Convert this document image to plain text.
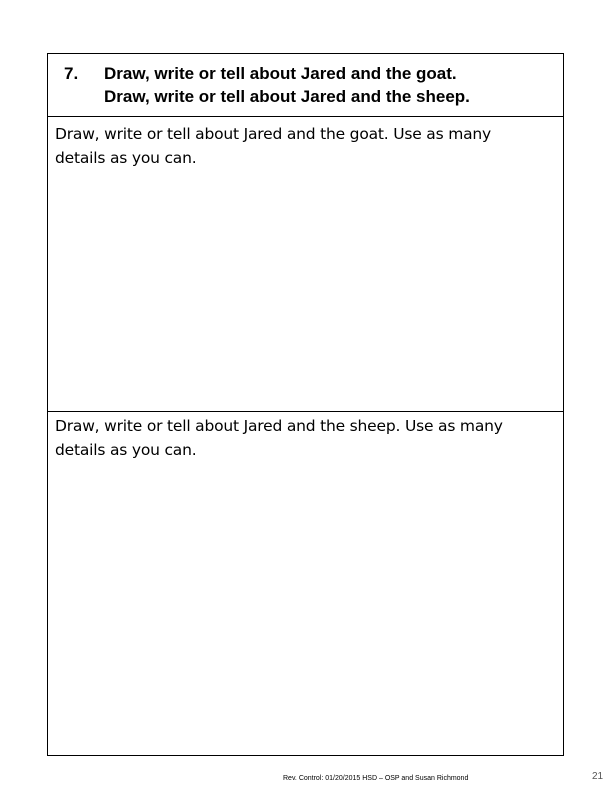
7. Draw, write or tell about Jared and the goat.
Draw, write or tell about Jared and the sheep.
Draw, write or tell about Jared and the goat. Use as many details as you can.
Draw, write or tell about Jared and the sheep. Use as many details as you can.
Rev. Control: 01/20/2015 HSD – OSP and Susan Richmond	21
